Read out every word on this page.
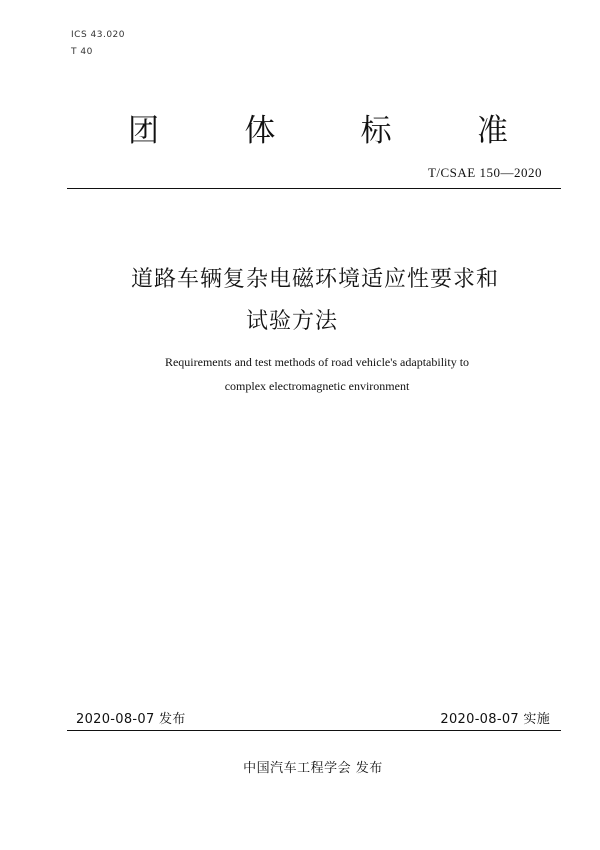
ICS 43.020
T 40
团	体	标	准
T/CSAE 150—2020
道路车辆复杂电磁环境适应性要求和
试验方法
Requirements and test methods of road vehicle's adaptability to
complex electromagnetic environment
2020-08-07 发布	2020-08-07 实施
中国汽车工程学会 发布
